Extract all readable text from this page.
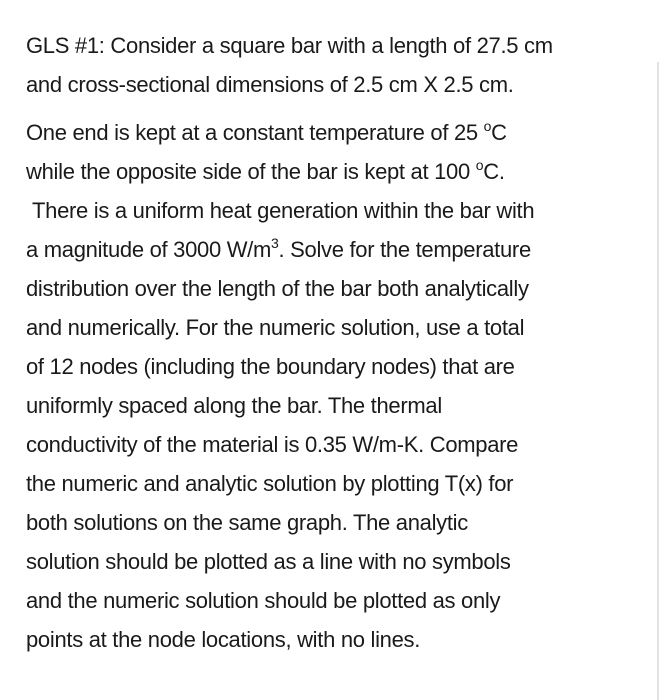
GLS #1: Consider a square bar with a length of 27.5 cm
and cross-sectional dimensions of 2.5 cm X 2.5 cm.
One end is kept at a constant temperature of 25 $^o$C
while the opposite side of the bar is kept at 100 $^o$C.
There is a uniform heat generation within the bar with
a magnitude of 3000 $W/m^3$. Solve for the temperature
distribution over the length of the bar both analytically
and numerically. For the numeric solution, use a total
of 12 nodes (including the boundary nodes) that are
uniformly spaced along the bar. The thermal
conductivity of the material is 0.35 W/m-K. Compare
the numeric and analytic solution by plotting T(x) for
both solutions on the same graph. The analytic
solution should be plotted as a line with no symbols
and the numeric solution should be plotted as only
points at the node locations, with no lines.
